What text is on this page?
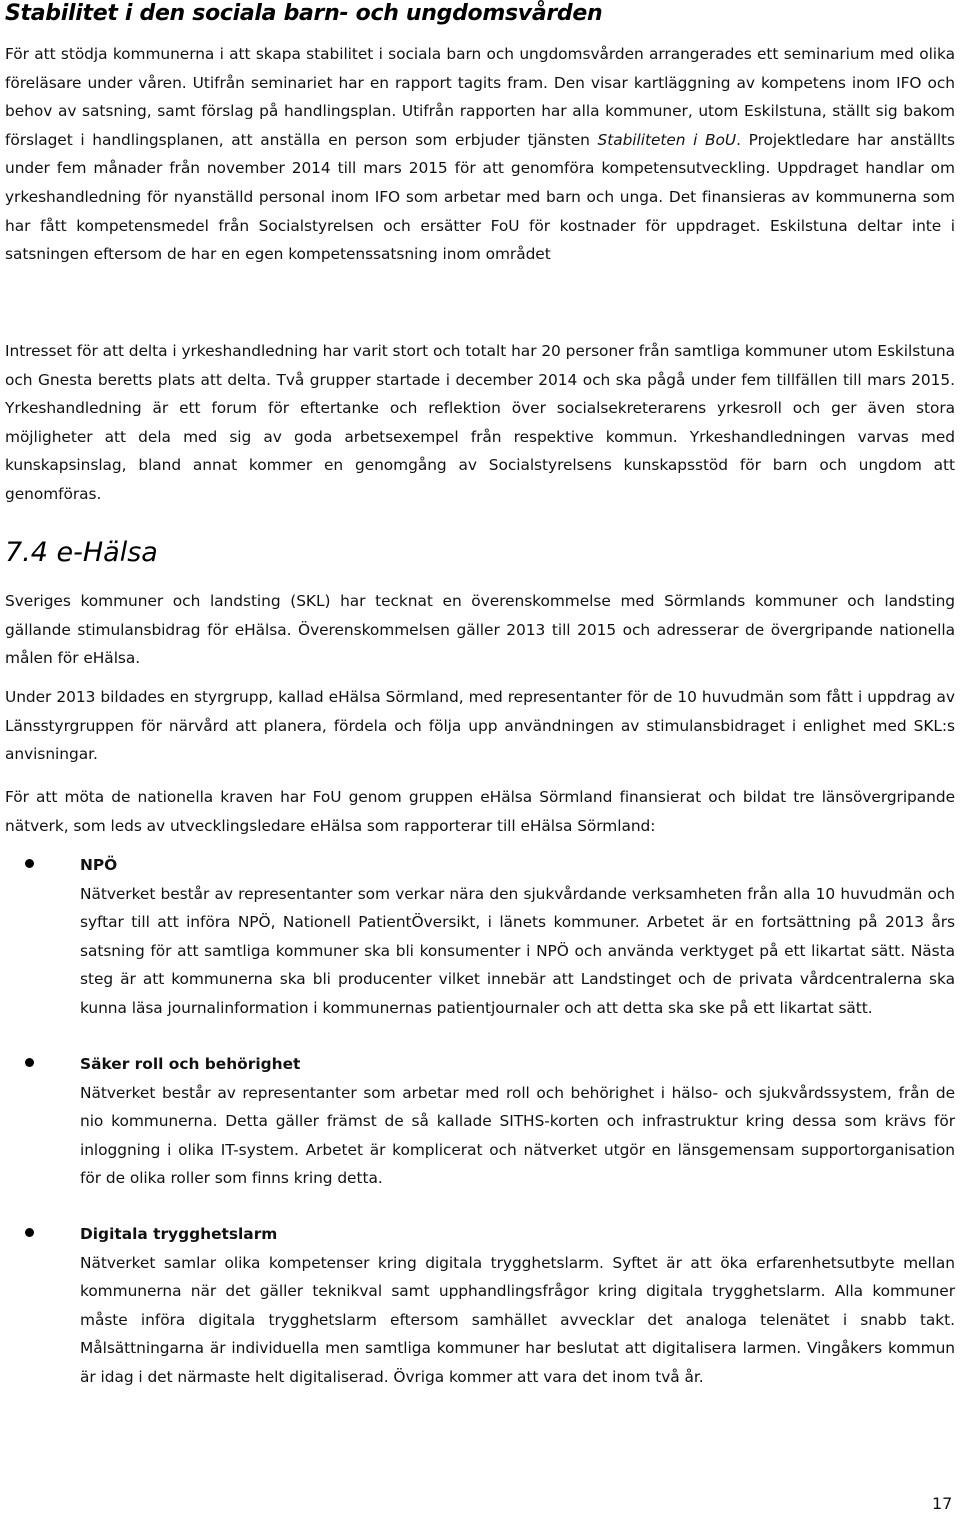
Stabilitet i den sociala barn- och ungdomsvården

För att stödja kommunerna i att skapa stabilitet i sociala barn och ungdomsvården arrangerades ett seminarium med olika föreläsare under våren. Utifrån seminariet har en rapport tagits fram. Den visar kartläggning av kompetens inom IFO och behov av satsning, samt förslag på handlingsplan. Utifrån rapporten har alla kommuner, utom Eskilstuna, ställt sig bakom förslaget i handlingsplanen, att anställa en person som erbjuder tjänsten Stabiliteten i BoU. Projektledare har anställts under fem månader från november 2014 till mars 2015 för att genomföra kompetensutveckling. Uppdraget handlar om yrkeshandledning för nyanställd personal inom IFO som arbetar med barn och unga. Det finansieras av kommunerna som har fått kompetensmedel från Socialstyrelsen och ersätter FoU för kostnader för uppdraget. Eskilstuna deltar inte i satsningen eftersom de har en egen kompetenssatsning inom området

Intresset för att delta i yrkeshandledning har varit stort och totalt har 20 personer från samtliga kommuner utom Eskilstuna och Gnesta beretts plats att delta. Två grupper startade i december 2014 och ska pågå under fem tillfällen till mars 2015. Yrkeshandledning är ett forum för eftertanke och reflektion över socialsekreterarens yrkesroll och ger även stora möjligheter att dela med sig av goda arbetsexempel från respektive kommun. Yrkeshandledningen varvas med kunskapsinslag, bland annat kommer en genomgång av Socialstyrelsens kunskapsstöd för barn och ungdom att genomföras.

7.4 e-Hälsa

Sveriges kommuner och landsting (SKL) har tecknat en överenskommelse med Sörmlands kommuner och landsting gällande stimulansbidrag för eHälsa. Överenskommelsen gäller 2013 till 2015 och adresserar de övergripande nationella målen för eHälsa.

Under 2013 bildades en styrgrupp, kallad eHälsa Sörmland, med representanter för de 10 huvudmän som fått i uppdrag av Länsstyrgruppen för närvård att planera, fördela och följa upp användningen av stimulansbidraget i enlighet med SKL:s anvisningar.

För att möta de nationella kraven har FoU genom gruppen eHälsa Sörmland finansierat och bildat tre länsövergripande nätverk, som leds av utvecklingsledare eHälsa som rapporterar till eHälsa Sörmland:

NPÖ

Nätverket består av representanter som verkar nära den sjukvårdande verksamheten från alla 10 huvudmän och syftar till att införa NPÖ, Nationell PatientÖversikt, i länets kommuner. Arbetet är en fortsättning på 2013 års satsning för att samtliga kommuner ska bli konsumenter i NPÖ och använda verktyget på ett likartat sätt. Nästa steg är att kommunerna ska bli producenter vilket innebär att Landstinget och de privata vårdcentralerna ska kunna läsa journalinformation i kommunernas patientjournaler och att detta ska ske på ett likartat sätt.

Säker roll och behörighet

Nätverket består av representanter som arbetar med roll och behörighet i hälso- och sjukvårdssystem, från de nio kommunerna. Detta gäller främst de så kallade SITHS-korten och infrastruktur kring dessa som krävs för inloggning i olika IT-system. Arbetet är komplicerat och nätverket utgör en länsgemensam supportorganisation för de olika roller som finns kring detta.

Digitala trygghetslarm

Nätverket samlar olika kompetenser kring digitala trygghetslarm. Syftet är att öka erfarenhetsutbyte mellan kommunerna när det gäller teknikval samt upphandlingsfrågor kring digitala trygghetslarm. Alla kommuner måste införa digitala trygghetslarm eftersom samhället avvecklar det analoga telenätet i snabb takt. Målsättningarna är individuella men samtliga kommuner har beslutat att digitalisera larmen. Vingåkers kommun är idag i det närmaste helt digitaliserad. Övriga kommer att vara det inom två år.

17
